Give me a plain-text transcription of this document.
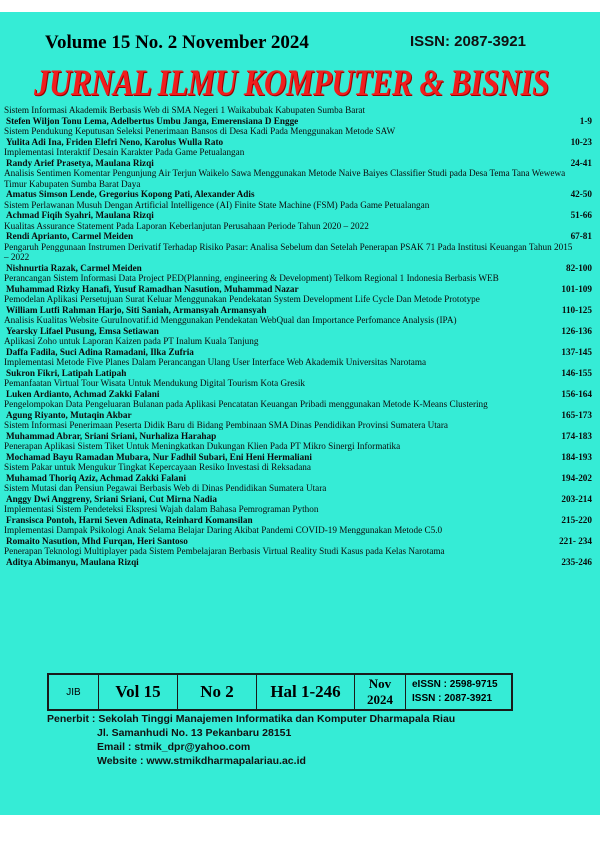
Volume 15 No. 2 November 2024	ISSN: 2087-3921
JURNAL ILMU KOMPUTER & BISNIS
Sistem Informasi Akademik Berbasis Web di SMA Negeri 1 Waikabubak Kabupaten Sumba Barat
Stefen Wiljon Tonu Lema, Adelbertus Umbu Janga, Emerensiana D Engge	1-9
Sistem Pendukung Keputusan Seleksi Penerimaan Bansos di Desa Kadi Pada Menggunakan Metode SAW
Yulita Adi Ina, Friden Elefri Neno, Karolus Wulla Rato	10-23
Implementasi Interaktif Desain Karakter Pada Game Petualangan
Randy Arief Prasetya, Maulana Rizqi	24-41
Analisis Sentimen Komentar Pengunjung Air Terjun Waikelo Sawa Menggunakan Metode Naive Baiyes Classifier Studi pada Desa Tema Tana Wewewa Timur Kabupaten Sumba Barat Daya
Amatus Simson Lende, Gregorius Kopong Pati, Alexander Adis	42-50
Sistem Perlawanan Musuh Dengan Artificial Intelligence (AI) Finite State Machine (FSM) Pada Game Petualangan
Achmad Fiqih Syahri, Maulana Rizqi	51-66
Kualitas Assurance Statement Pada Laporan Keberlanjutan Perusahaan Periode Tahun 2020 – 2022
Rendi Aprianto, Carmel Meiden	67-81
Pengaruh Penggunaan Instrumen Derivatif Terhadap Risiko Pasar: Analisa Sebelum dan Setelah Penerapan PSAK 71 Pada Institusi Keuangan Tahun 2015 – 2022
Nishnurtia Razak, Carmel Meiden	82-100
Perancangan Sistem Informasi Data Project PED(Planning, engineering & Development) Telkom Regional 1 Indonesia Berbasis WEB
Muhammad Rizky Hanafi, Yusuf Ramadhan Nasution, Muhammad Nazar	101-109
Pemodelan Aplikasi Persetujuan Surat Keluar Menggunakan Pendekatan System Development Life Cycle Dan Metode Prototype
William Lutfi Rahman Harjo, Siti Saniah, Armansyah Armansyah	110-125
Analisis Kualitas Website GuruInovatif.id Menggunakan Pendekatan WebQual dan Importance Perfomance Analysis (IPA)
Yearsky Lifael Pusung, Emsa Setiawan	126-136
Aplikasi Zoho untuk Laporan Kaizen pada PT Inalum Kuala Tanjung
Daffa Fadila, Suci Adina Ramadani, Ilka Zufria	137-145
Implementasi Metode Five Planes Dalam Perancangan Ulang User Interface Web Akademik Universitas Narotama
Sukron Fikri, Latipah Latipah	146-155
Pemanfaatan Virtual Tour Wisata Untuk Mendukung Digital Tourism Kota Gresik
Luken Ardianto, Achmad Zakki Falani	156-164
Pengelompokan Data Pengeluaran Bulanan pada Aplikasi Pencatatan Keuangan Pribadi menggunakan Metode K-Means Clustering
Agung Riyanto, Mutaqin Akbar	165-173
Sistem Informasi Penerimaan Peserta Didik Baru di Bidang Pembinaan SMA Dinas Pendidikan Provinsi Sumatera Utara
Muhammad Abrar, Sriani Sriani, Nurhaliza Harahap	174-183
Penerapan Aplikasi Sistem Tiket Untuk Meningkatkan Dukungan Klien Pada PT Mikro Sinergi Informatika
Mochamad Bayu Ramadan Mubara, Nur Fadhil Subari, Eni Heni Hermaliani	184-193
Sistem Pakar untuk Mengukur Tingkat Kepercayaan Resiko Investasi di Reksadana
Muhamad Thoriq Aziz, Achmad Zakki Falani	194-202
Sistem Mutasi dan Pensiun Pegawai Berbasis Web di Dinas Pendidikan Sumatera Utara
Anggy Dwi Anggreny, Sriani Sriani, Cut Mirna Nadia	203-214
Implementasi Sistem Pendeteksi Ekspresi Wajah dalam Bahasa Pemrograman Python
Fransisca Pontoh, Harni Seven Adinata, Reinhard Komansilan	215-220
Implementasi Dampak Psikologi Anak Selama Belajar Daring Akibat Pandemi COVID-19 Menggunakan Metode C5.0
Romaito Nasution, Mhd Furqan, Heri Santoso	221- 234
Penerapan Teknologi Multiplayer pada Sistem Pembelajaran Berbasis Virtual Reality Studi Kasus pada Kelas Narotama
Aditya Abimanyu, Maulana Rizqi	235-246
JIB	Vol 15	No 2	Hal 1-246	Nov
2024
eISSN : 2598-9715
ISSN : 2087-3921
Penerbit : Sekolah Tinggi Manajemen Informatika dan Komputer Dharmapala Riau
Jl. Samanhudi No. 13 Pekanbaru 28151
Email : stmik_dpr@yahoo.com
Website : www.stmikdharmapalariau.ac.id
